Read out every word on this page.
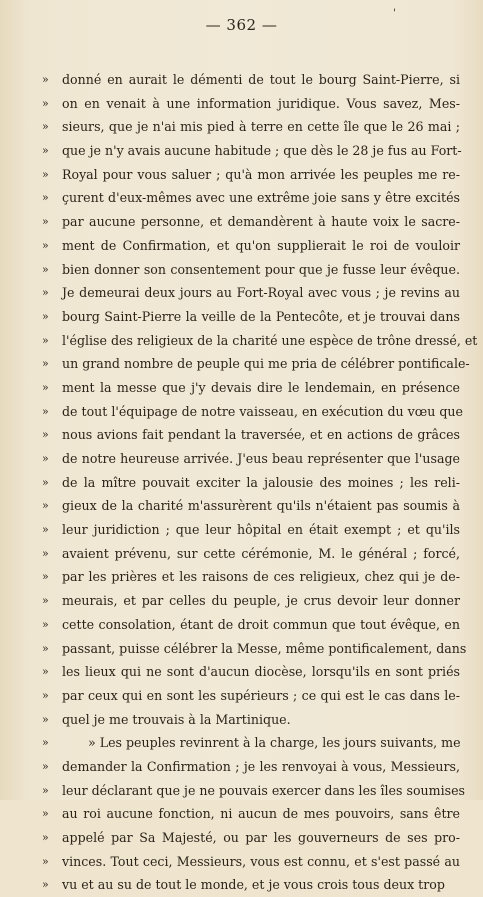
'
— 362 —
» donné en aurait le démenti de tout le bourg Saint-Pierre, si
» on en venait à une information juridique. Vous savez, Mes-
» sieurs, que je n'ai mis pied à terre en cette île que le 26 mai ;
» que je n'y avais aucune habitude ; que dès le 28 je fus au Fort-
» Royal pour vous saluer ; qu'à mon arrivée les peuples me re-
» çurent d'eux-mêmes avec une extrême joie sans y être excités
» par aucune personne, et demandèrent à haute voix le sacre-
» ment de Confirmation, et qu'on supplierait le roi de vouloir
» bien donner son consentement pour que je fusse leur évêque.
» Je demeurai deux jours au Fort-Royal avec vous ; je revins au
» bourg Saint-Pierre la veille de la Pentecôte, et je trouvai dans
» l'église des religieux de la charité une espèce de trône dressé, et
» un grand nombre de peuple qui me pria de célébrer pontificale-
» ment la messe que j'y devais dire le lendemain, en présence
» de tout l'équipage de notre vaisseau, en exécution du vœu que
» nous avions fait pendant la traversée, et en actions de grâces
» de notre heureuse arrivée. J'eus beau représenter que l'usage
» de la mître pouvait exciter la jalousie des moines ; les reli-
» gieux de la charité m'assurèrent qu'ils n'étaient pas soumis à
» leur juridiction ; que leur hôpital en était exempt ; et qu'ils
» avaient prévenu, sur cette cérémonie, M. le général ; forcé,
» par les prières et les raisons de ces religieux, chez qui je de-
» meurais, et par celles du peuple, je crus devoir leur donner
» cette consolation, étant de droit commun que tout évêque, en
» passant, puisse célébrer la Messe, même pontificalement, dans
» les lieux qui ne sont d'aucun diocèse, lorsqu'ils en sont priés
» par ceux qui en sont les supérieurs ; ce qui est le cas dans le-
» quel je me trouvais à la Martinique.
»	» Les peuples revinrent à la charge, les jours suivants, me
» demander la Confirmation ; je les renvoyai à vous, Messieurs,
» leur déclarant que je ne pouvais exercer dans les îles soumises
» au roi aucune fonction, ni aucun de mes pouvoirs, sans être
» appelé par Sa Majesté, ou par les gouverneurs de ses pro-
» vinces. Tout ceci, Messieurs, vous est connu, et s'est passé au
» vu et au su de tout le monde, et je vous crois tous deux trop
